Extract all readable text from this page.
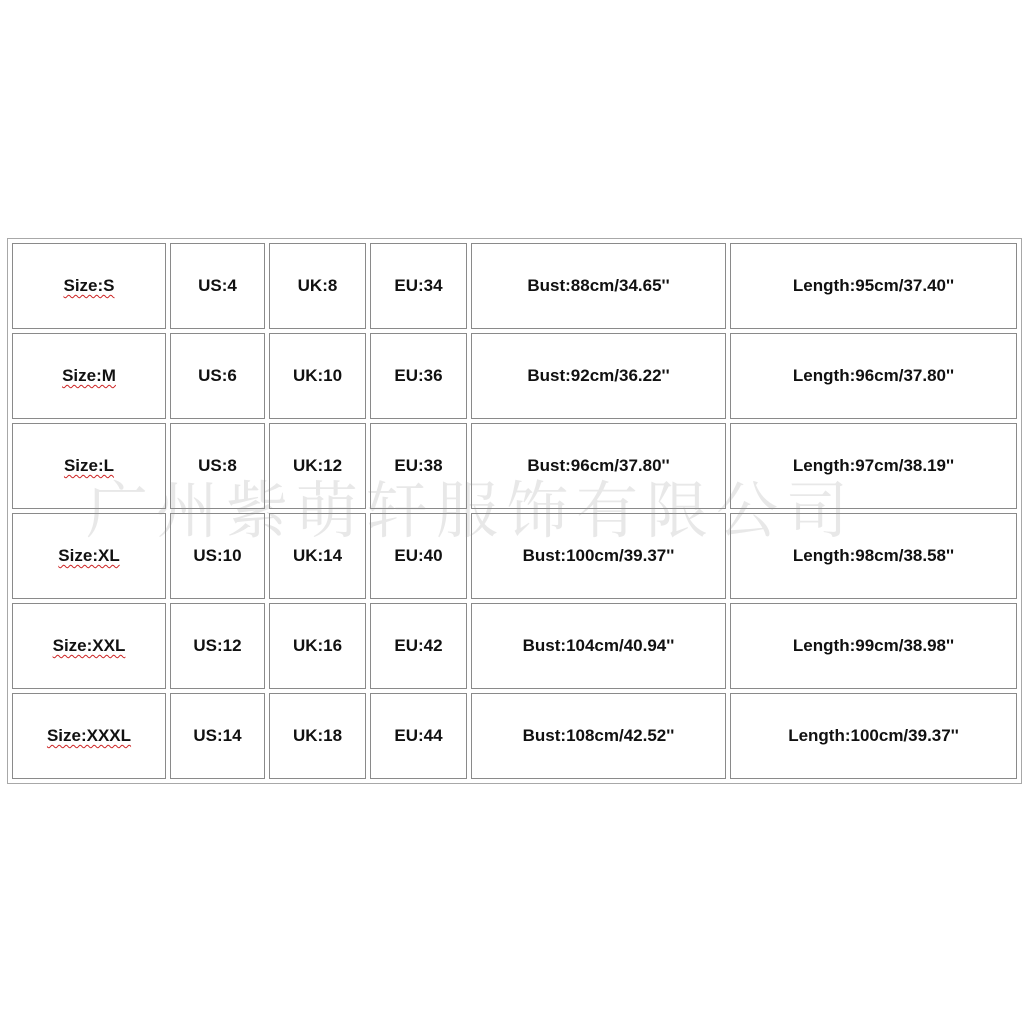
Size:S	US:4	UK:8	EU:34	Bust:88cm/34.65''	Length:95cm/37.40''
Size:M	US:6	UK:10	EU:36	Bust:92cm/36.22''	Length:96cm/37.80''
Size:L	US:8	UK:12	EU:38	Bust:96cm/37.80''	Length:97cm/38.19''
Size:XL	US:10	UK:14	EU:40	Bust:100cm/39.37''	Length:98cm/38.58''
Size:XXL	US:12	UK:16	EU:42	Bust:104cm/40.94''	Length:99cm/38.98''
Size:XXXL	US:14	UK:18	EU:44	Bust:108cm/42.52''	Length:100cm/39.37''
广州紫萌轩服饰有限公司
